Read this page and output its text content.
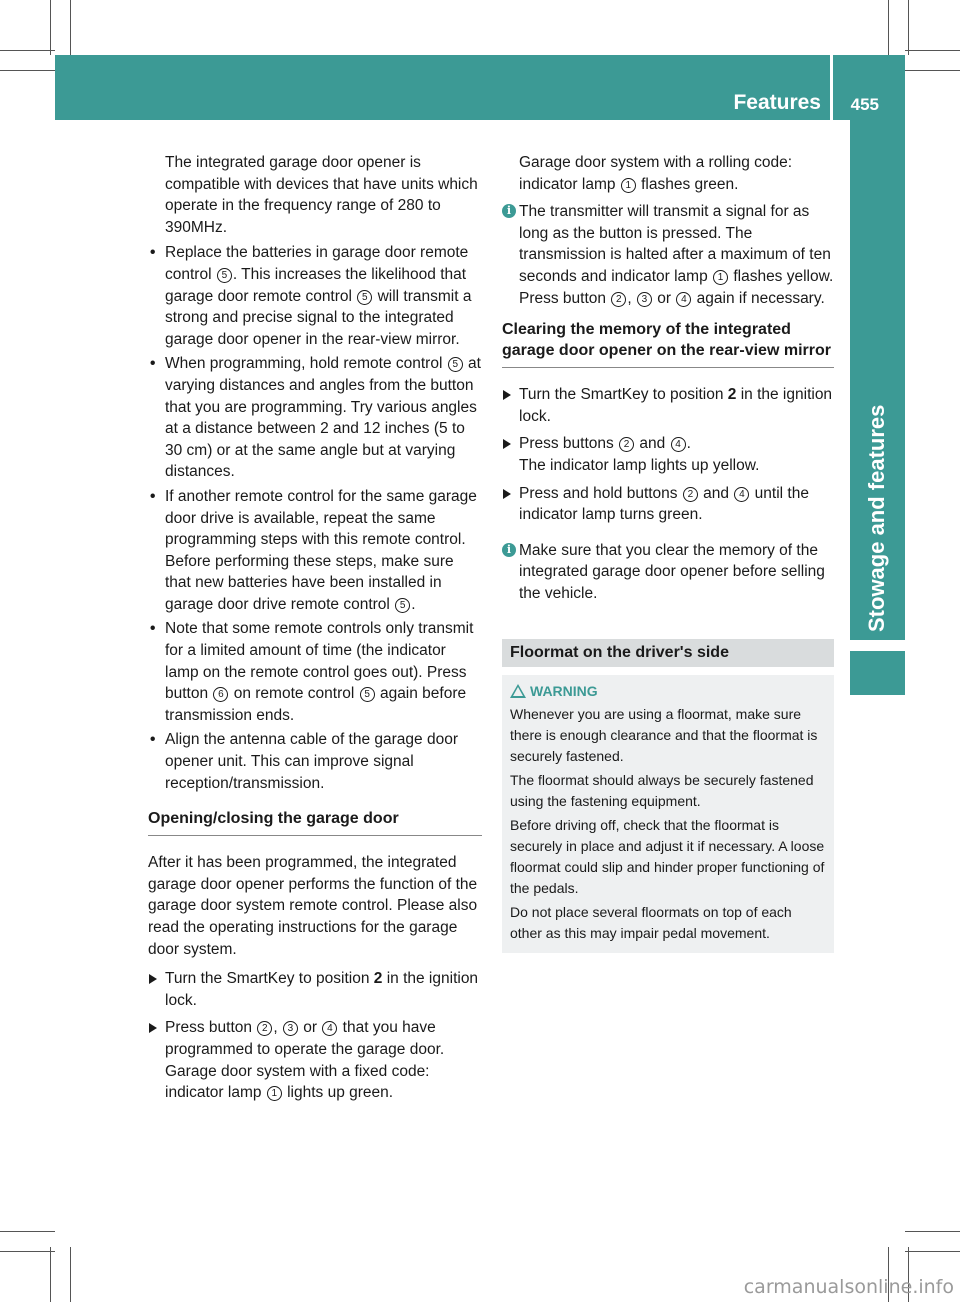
Features 455
Stowage and features

The integrated garage door opener is compatible with devices that have units which operate in the frequency range of 280 to 390MHz.

• Replace the batteries in garage door remote control 5 . This increases the likelihood that garage door remote control 5 will transmit a strong and precise signal to the integrated garage door opener in the rear-view mirror.
• When programming, hold remote control 5 at varying distances and angles from the button that you are programming. Try various angles at a distance between 2 and 12 inches (5 to 30 cm) or at the same angle but at varying distances.
• If another remote control for the same garage door drive is available, repeat the same programming steps with this remote control. Before performing these steps, make sure that new batteries have been installed in garage door drive remote control 5 .
• Note that some remote controls only transmit for a limited amount of time (the indicator lamp on the remote control goes out). Press button 6 on remote control 5 again before transmission ends.
• Align the antenna cable of the garage door opener unit. This can improve signal reception/transmission.
Opening/closing the garage door

After it has been programmed, the integrated garage door opener performs the function of the garage door system remote control. Please also read the operating instructions for the garage door system.

Turn the SmartKey to position 2 in the ignition lock.
Press button 2 , 3 or 4 that you have programmed to operate the garage door.
Garage door system with a fixed code: indicator lamp 1 lights up green.

Garage door system with a rolling code: indicator lamp 1 flashes green.

i The transmitter will transmit a signal for as long as the button is pressed. The transmission is halted after a maximum of ten seconds and indicator lamp 1 flashes yellow. Press button 2 , 3 or 4 again if necessary.
Clearing the memory of the integrated garage door opener on the rear-view mirror
Turn the SmartKey to position 2 in the ignition lock.
Press buttons 2 and 4 .
The indicator lamp lights up yellow.
Press and hold buttons 2 and 4 until the indicator lamp turns green.
i Make sure that you clear the memory of the integrated garage door opener before selling the vehicle.
Floormat on the driver's side
WARNING

Whenever you are using a floormat, make sure there is enough clearance and that the floormat is securely fastened.

The floormat should always be securely fastened using the fastening equipment.

Before driving off, check that the floormat is securely in place and adjust it if necessary. A loose floormat could slip and hinder proper functioning of the pedals.

Do not place several floormats on top of each other as this may impair pedal movement.

carmanualsonline.info
